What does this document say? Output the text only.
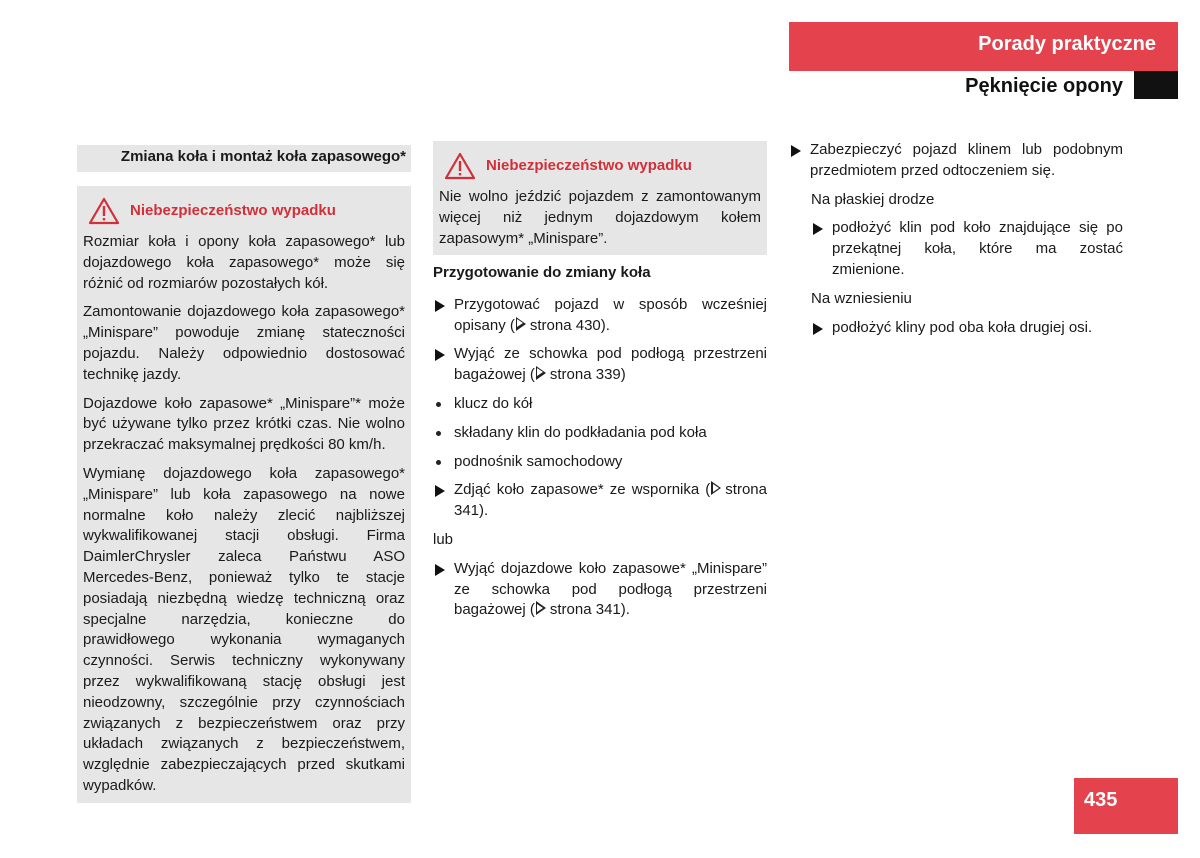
Porady praktyczne
Pęknięcie opony
Zmiana koła i montaż koła zapasowego*
Niebezpieczeństwo wypadku

Rozmiar koła i opony koła zapasowego* lub dojazdowego koła zapasowego* może się różnić od rozmiarów pozostałych kół.

Zamontowanie dojazdowego koła zapasowego* „Minispare” powoduje zmianę stateczności pojazdu. Należy odpowiednio dostosować technikę jazdy.

Dojazdowe koło zapasowe* „Minispare”* może być używane tylko przez krótki czas. Nie wolno przekraczać maksymalnej prędkości 80 km/h.

Wymianę dojazdowego koła zapasowego* „Minispare” lub koła zapasowego na nowe normalne koło należy zlecić najbliższej wykwalifikowanej stacji obsługi. Firma DaimlerChrysler zaleca Państwu ASO Mercedes-Benz, ponieważ tylko te stacje posiadają niezbędną wiedzę techniczną oraz specjalne narzędzia, konieczne do prawidłowego wykonania wymaganych czynności. Serwis techniczny wykonywany przez wykwalifikowaną stację obsługi jest nieodzowny, szczególnie przy czynnościach związanych z bezpieczeństwem oraz przy układach związanych z bezpieczeństwem, względnie zabezpieczających przed skutkami wypadków.

Niebezpieczeństwo wypadku

Nie wolno jeździć pojazdem z zamontowanym więcej niż jednym dojazdowym kołem zapasowym* „Minispare”.

Przygotowanie do zmiany koła
Przygotować pojazd w sposób wcześniej opisany ( strona 430).
Wyjąć ze schowka pod podłogą przestrzeni bagażowej ( strona 339)
klucz do kół
składany klin do podkładania pod koła
podnośnik samochodowy
Zdjąć koło zapasowe* ze wspornika ( strona 341).
lub
Wyjąć dojazdowe koło zapasowe* „Minispare” ze schowka pod podłogą przestrzeni bagażowej ( strona 341).
Zabezpieczyć pojazd klinem lub podobnym przedmiotem przed odtoczeniem się.
Na płaskiej drodze
podłożyć klin pod koło znajdujące się po przekątnej koła, które ma zostać zmienione.
Na wzniesieniu
podłożyć kliny pod oba koła drugiej osi.
435
